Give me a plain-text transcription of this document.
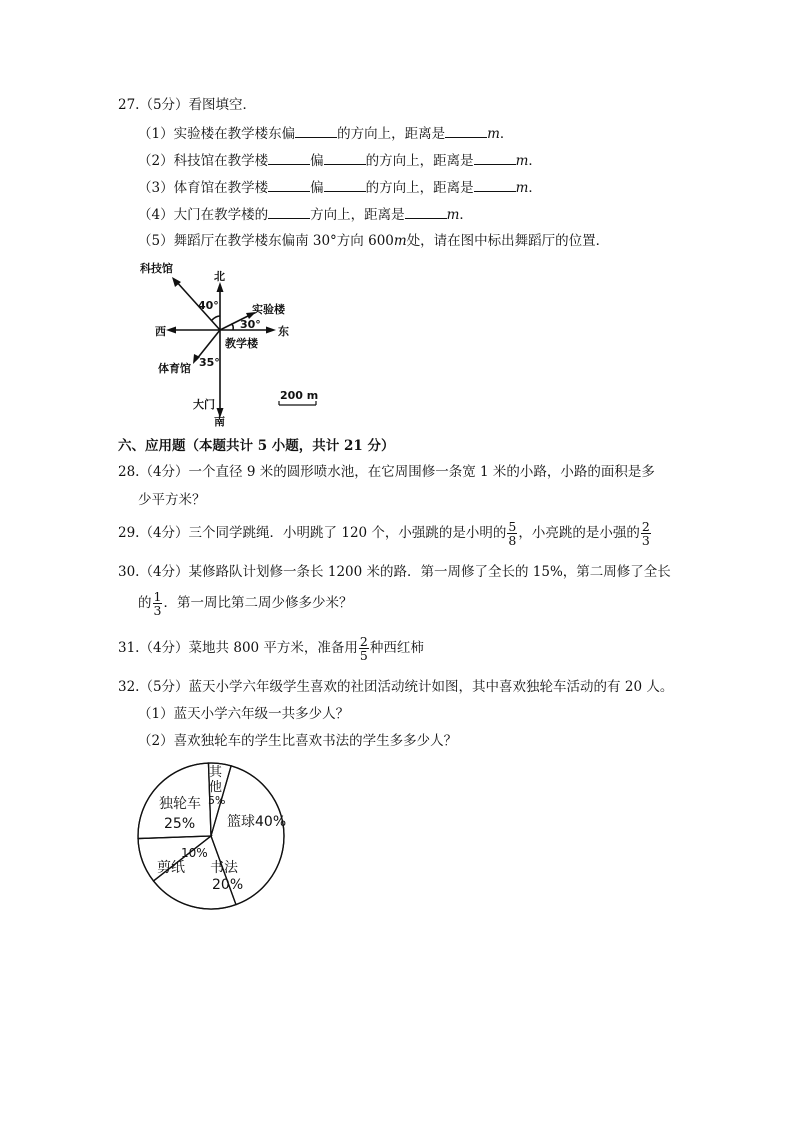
27.（5分）看图填空．
（1）实验楼在教学楼东偏	的方向上，距离是	m．
（2）科技馆在教学楼	偏	的方向上，距离是	m．
（3）体育馆在教学楼	偏	的方向上，距离是	m．
（4）大门在教学楼的	方向上，距离是	m．
（5）舞蹈厅在教学楼东偏南 30°方向 600m处，请在图中标出舞蹈厅的位置．
科技馆
北
40°	实验楼
30°
西	东
教学楼
35°
体育馆
大门
南
200 m
六、应用题（本题共计 5 小题，共计 21 分）
28.（4分）一个直径 9 米的圆形喷水池，在它周围修一条宽 1 米的小路，小路的面积是多
少平方米？
29.（4分）三个同学跳绳．小明跳了 120 个，小强跳的是小明的 $\frac{5}{8}$ ，小亮跳的是小强的 $\frac{2}{3}$
30.（4分）某修路队计划修一条长 1200 米的路．第一周修了全长的 15%，第二周修了全长
的 $\frac{1}{3}$ ．第一周比第二周少修多少米？
31.（4分）菜地共 800 平方米，准备用 $\frac{2}{5}$ 种西红柿
32.（5分）蓝天小学六年级学生喜欢的社团活动统计如图，其中喜欢独轮车活动的有 20 人。
（1）蓝天小学六年级一共多少人？
（2）喜欢独轮车的学生比喜欢书法的学生多多少人？
其
他
5%
篮球40%
独轮车
25%
10%
剪纸 书法
20%
